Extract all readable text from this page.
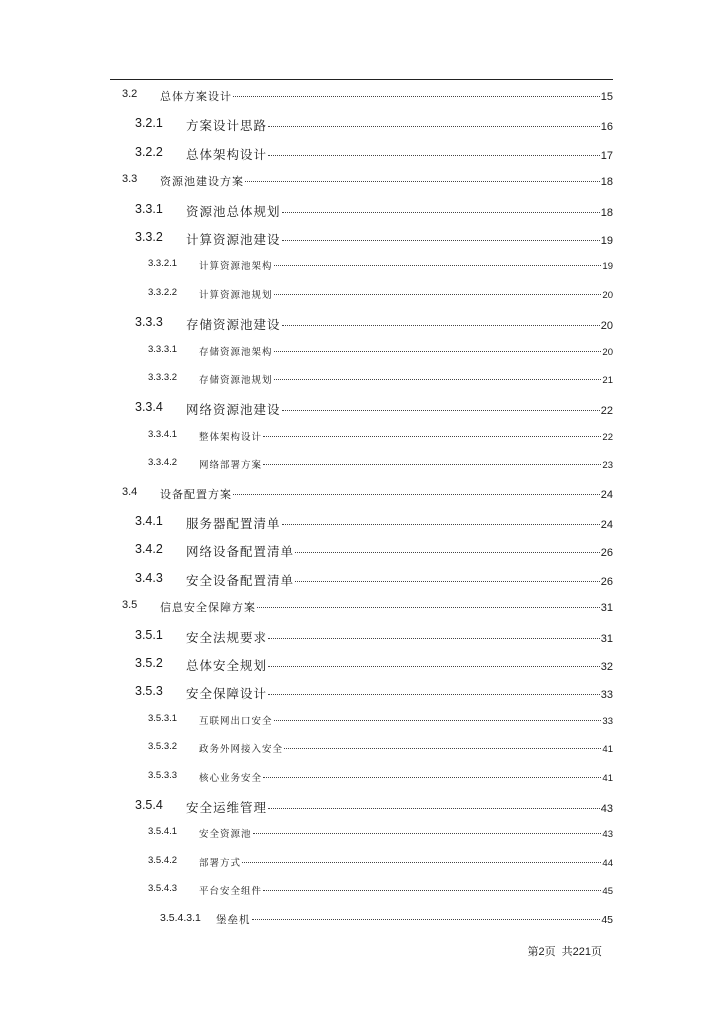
3.2 总体方案设计	15
3.2.1 方案设计思路	16
3.2.2 总体架构设计	17
3.3 资源池建设方案	18
3.3.1 资源池总体规划	18
3.3.2 计算资源池建设	19
3.3.2.1 计算资源池架构	19
3.3.2.2 计算资源池规划	20
3.3.3 存储资源池建设	20
3.3.3.1 存储资源池架构	20
3.3.3.2 存储资源池规划	21
3.3.4 网络资源池建设	22
3.3.4.1 整体架构设计	22
3.3.4.2 网络部署方案	23
3.4 设备配置方案	24
3.4.1 服务器配置清单	24
3.4.2 网络设备配置清单	26
3.4.3 安全设备配置清单	26
3.5 信息安全保障方案	31
3.5.1 安全法规要求	31
3.5.2 总体安全规划	32
3.5.3 安全保障设计	33
3.5.3.1 互联网出口安全	33
3.5.3.2 政务外网接入安全	41
3.5.3.3 核心业务安全	41
3.5.4 安全运维管理	43
3.5.4.1 安全资源池	43
3.5.4.2 部署方式	44
3.5.4.3 平台安全组件	45
3.5.4.3.1 堡垒机	45
第2页 共221页
